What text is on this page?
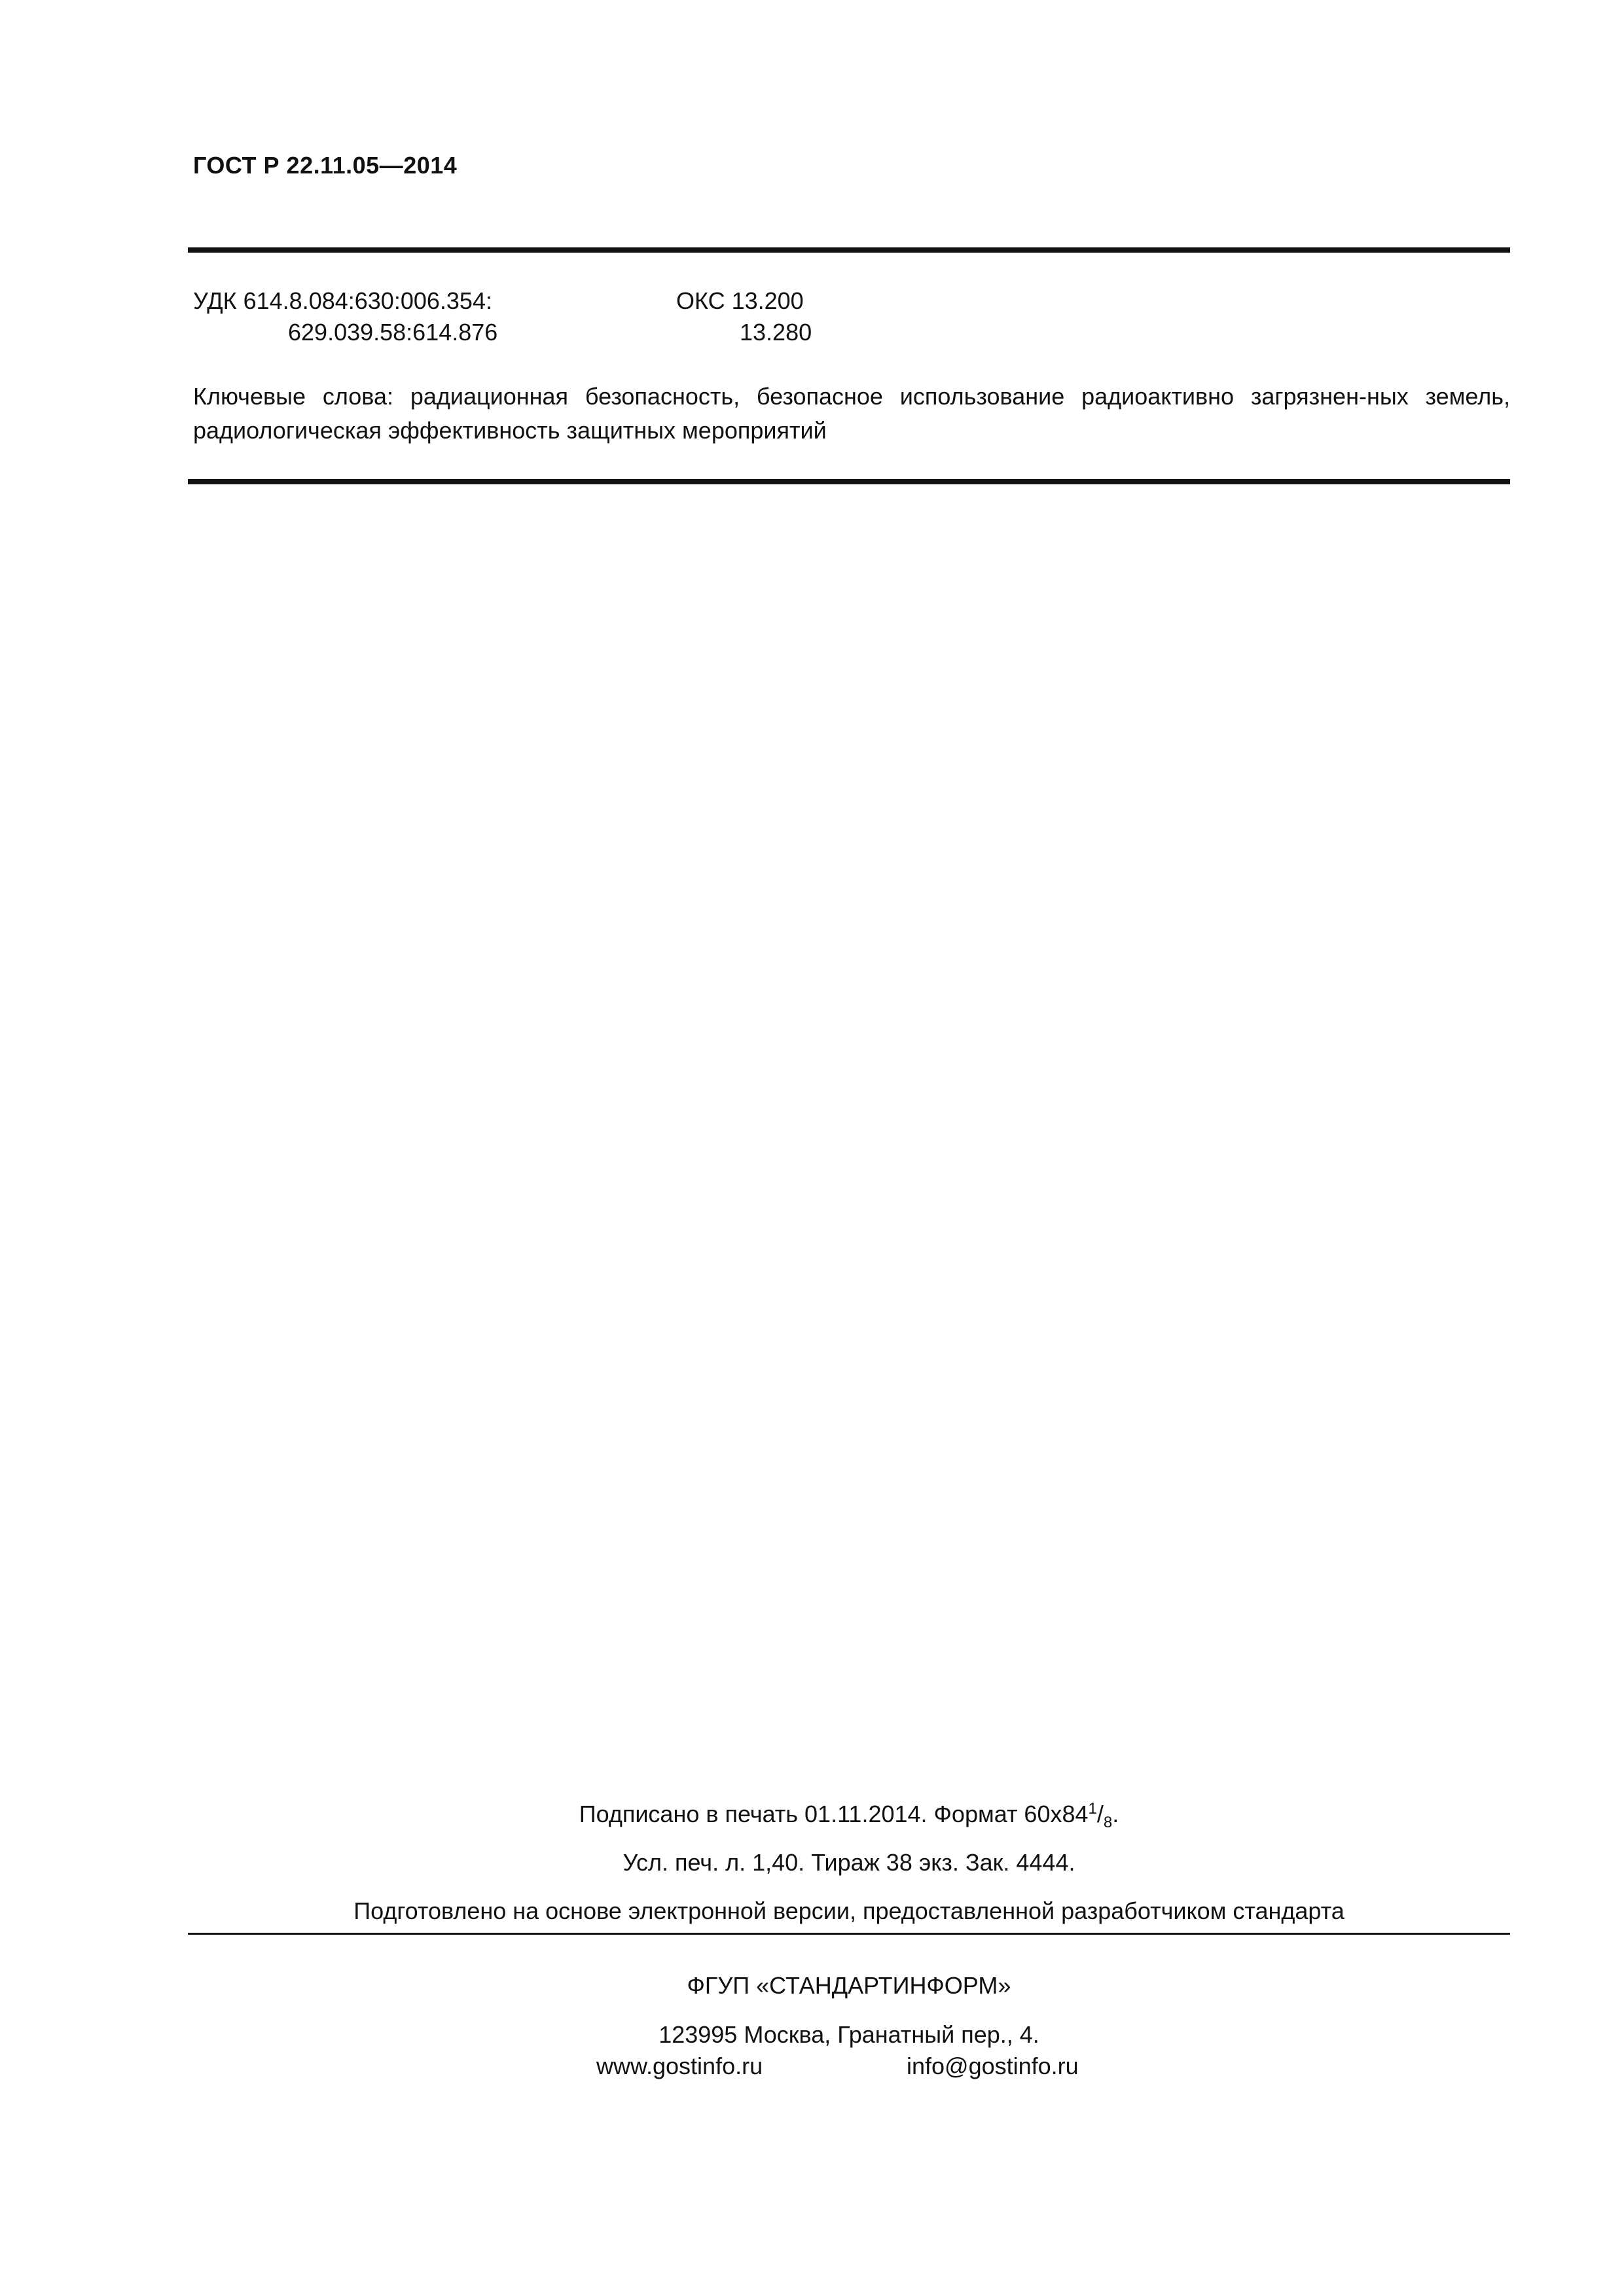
ГОСТ Р 22.11.05—2014
УДК 614.8.084:630:006.354:
629.039.58:614.876
ОКС 13.200
13.280
Ключевые слова: радиационная безопасность, безопасное использование радиоактивно загрязнен-ных земель, радиологическая эффективность защитных мероприятий
Подписано в печать 01.11.2014. Формат $60х84^1/_8$.
Усл. печ. л. 1,40. Тираж 38 экз. Зак. 4444.
Подготовлено на основе электронной версии, предоставленной разработчиком стандарта
ФГУП «СТАНДАРТИНФОРМ»
123995 Москва, Гранатный пер., 4.
www.gostinfo.ru	info@gostinfo.ru
